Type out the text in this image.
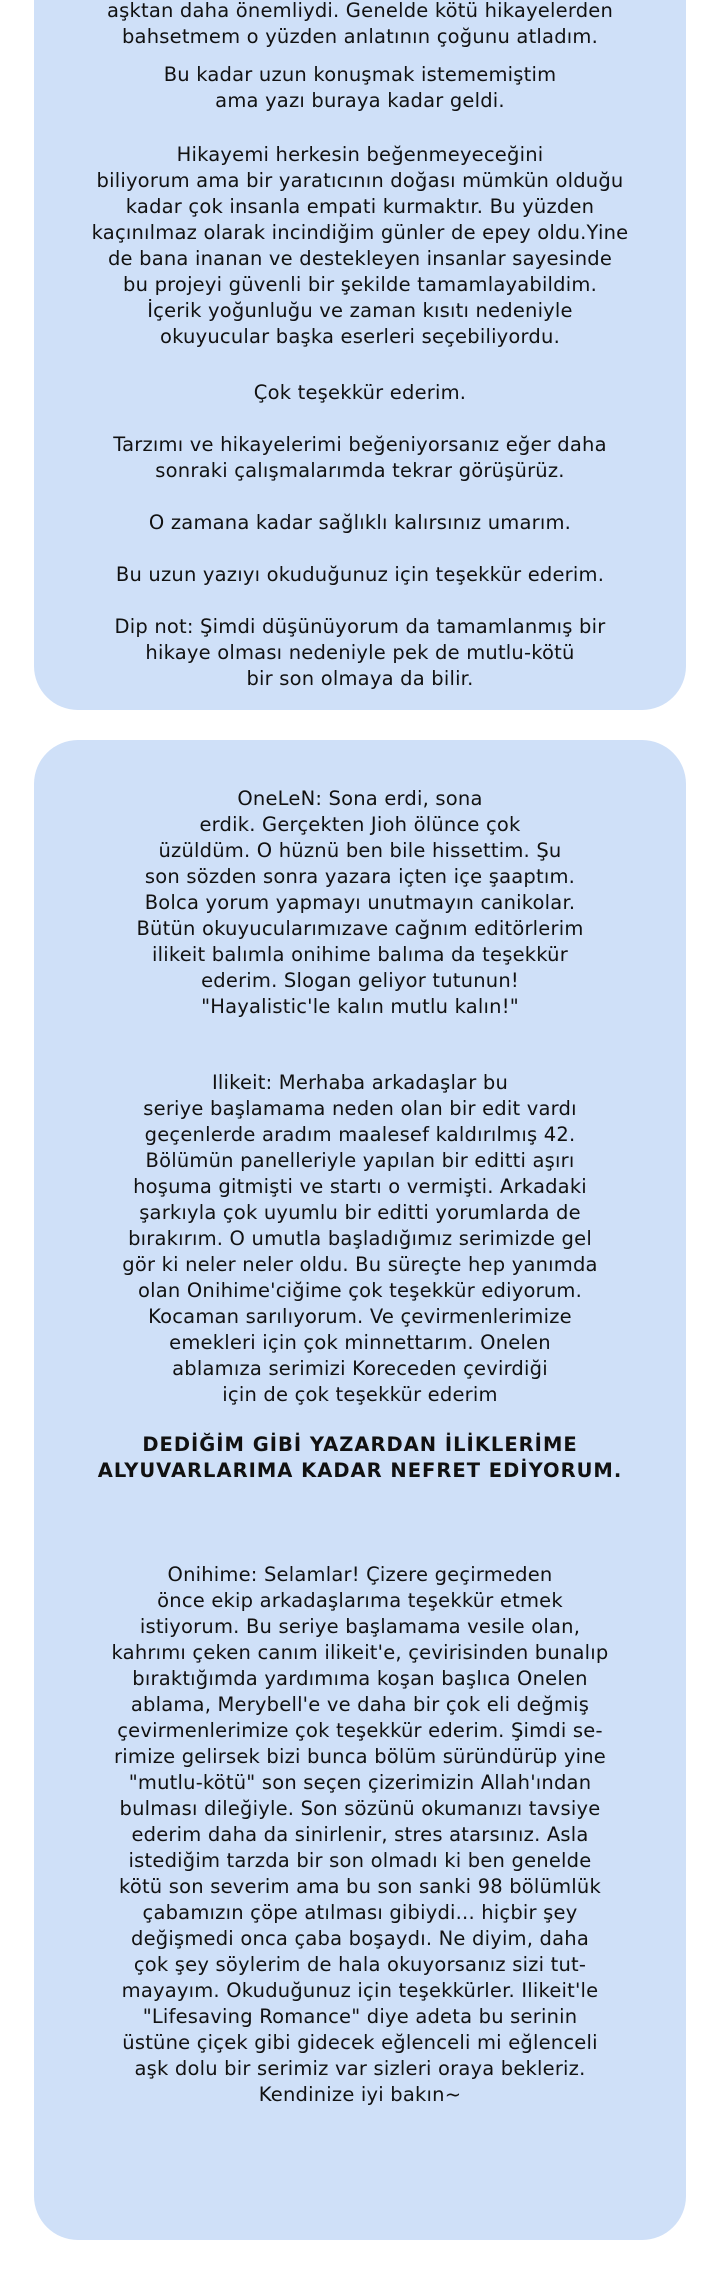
aşktan daha önemliydi. Genelde kötü hikayelerden
bahsetmem o yüzden anlatının çoğunu atladım.
Bu kadar uzun konuşmak istememiştim
ama yazı buraya kadar geldi.
Hikayemi herkesin beğenmeyeceğini
biliyorum ama bir yaratıcının doğası mümkün olduğu
kadar çok insanla empati kurmaktır. Bu yüzden
kaçınılmaz olarak incindiğim günler de epey oldu.Yine
de bana inanan ve destekleyen insanlar sayesinde
bu projeyi güvenli bir şekilde tamamlayabildim.
İçerik yoğunluğu ve zaman kısıtı nedeniyle
okuyucular başka eserleri seçebiliyordu.
Çok teşekkür ederim.
Tarzımı ve hikayelerimi beğeniyorsanız eğer daha
sonraki çalışmalarımda tekrar görüşürüz.
O zamana kadar sağlıklı kalırsınız umarım.
Bu uzun yazıyı okuduğunuz için teşekkür ederim.
Dip not: Şimdi düşünüyorum da tamamlanmış bir
hikaye olması nedeniyle pek de mutlu-kötü
bir son olmaya da bilir.
OneLeN: Sona erdi, sona
erdik. Gerçekten Jioh ölünce çok
üzüldüm. O hüznü ben bile hissettim. Şu
son sözden sonra yazara içten içe şaaptım.
Bolca yorum yapmayı unutmayın canikolar.
Bütün okuyucularımızave cağnım editörlerim
ilikeit balımla onihime balıma da teşekkür
ederim. Slogan geliyor tutunun!
"Hayalistic'le kalın mutlu kalın!"
Ilikeit: Merhaba arkadaşlar bu
seriye başlamama neden olan bir edit vardı
geçenlerde aradım maalesef kaldırılmış 42.
Bölümün panelleriyle yapılan bir editti aşırı
hoşuma gitmişti ve startı o vermişti. Arkadaki
şarkıyla çok uyumlu bir editti yorumlarda de
bırakırım. O umutla başladığımız serimizde gel
gör ki neler neler oldu. Bu süreçte hep yanımda
olan Onihime'ciğime çok teşekkür ediyorum.
Kocaman sarılıyorum. Ve çevirmenlerimize
emekleri için çok minnettarım. Onelen
ablamıza serimizi Koreceden çevirdiği
için de çok teşekkür ederim
DEDİĞİM GİBİ YAZARDAN İLİKLERİME
ALYUVARLARIMA KADAR NEFRET EDİYORUM.
Onihime: Selamlar! Çizere geçirmeden
önce ekip arkadaşlarıma teşekkür etmek
istiyorum. Bu seriye başlamama vesile olan,
kahrımı çeken canım ilikeit'e, çevirisinden bunalıp
bıraktığımda yardımıma koşan başlıca Onelen
ablama, Merybell'e ve daha bir çok eli değmiş
çevirmenlerimize çok teşekkür ederim. Şimdi se-
rimize gelirsek bizi bunca bölüm süründürüp yine
"mutlu-kötü" son seçen çizerimizin Allah'ından
bulması dileğiyle. Son sözünü okumanızı tavsiye
ederim daha da sinirlenir, stres atarsınız. Asla
istediğim tarzda bir son olmadı ki ben genelde
kötü son severim ama bu son sanki 98 bölümlük
çabamızın çöpe atılması gibiydi... hiçbir şey
değişmedi onca çaba boşaydı. Ne diyim, daha
çok şey söylerim de hala okuyorsanız sizi tut-
mayayım. Okuduğunuz için teşekkürler. Ilikeit'le
"Lifesaving Romance" diye adeta bu serinin
üstüne çiçek gibi gidecek eğlenceli mi eğlenceli
aşk dolu bir serimiz var sizleri oraya bekleriz.
Kendinize iyi bakın~
